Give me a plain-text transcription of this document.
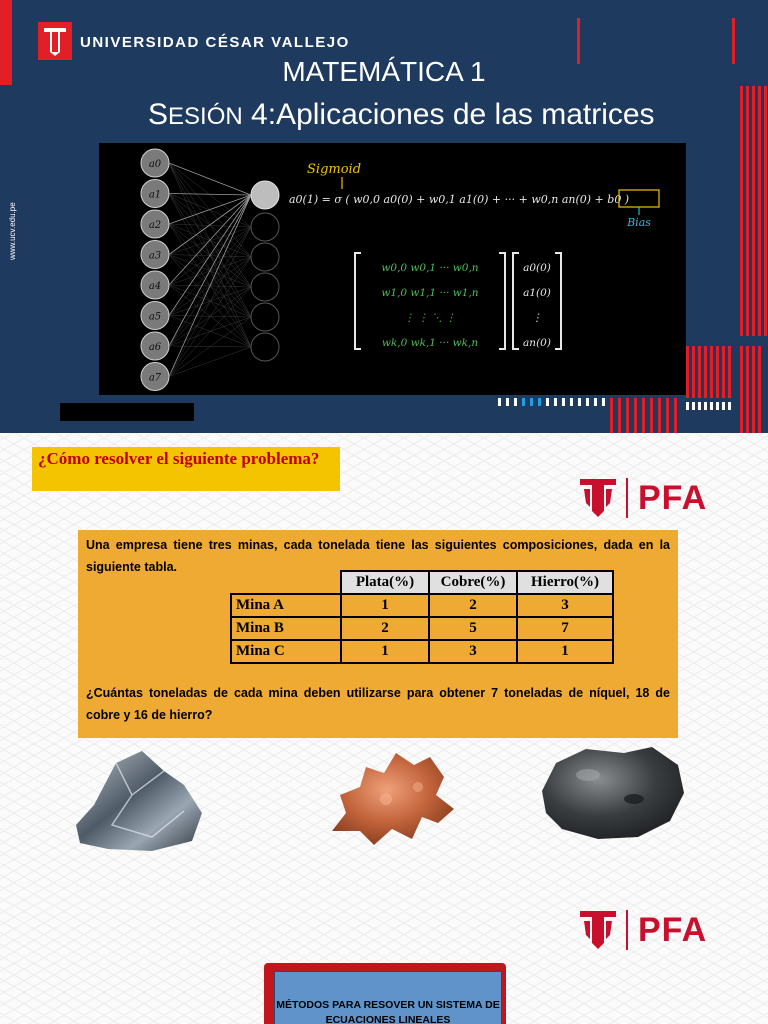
UNIVERSIDAD CÉSAR VALLEJO
www.ucv.edu.pe
MATEMÁTICA 1
SESIÓN 4:Aplicaciones de las matrices
a0
a1
a2
a3
a4
a5
a6
a7
Sigmoid
a0(1) = σ ( w0,0 a0(0) + w0,1 a1(0) + ··· + w0,n an(0) + b0 )
Bias
w0,0 w0,1 ··· w0,n
w1,0 w1,1 ··· w1,n
⋮ ⋮ ⋱ ⋮
wk,0 wk,1 ··· wk,n
a0(0)
a1(0)
⋮
an(0)
¿Cómo resolver el siguiente problema?
PFA

Una empresa tiene tres minas, cada tonelada tiene las siguientes composiciones, dada en la siguiente tabla.

	Plata(%)	Cobre(%)	Hierro(%)
Mina A	1	2	3
Mina B	2	5	7
Mina C	1	3	1

¿Cuántas toneladas de cada mina deben utilizarse para obtener 7 toneladas de níquel, 18 de cobre y 16 de hierro?

PFA
MÉTODOS PARA RESOVER UN SISTEMA DE ECUACIONES LINEALES
